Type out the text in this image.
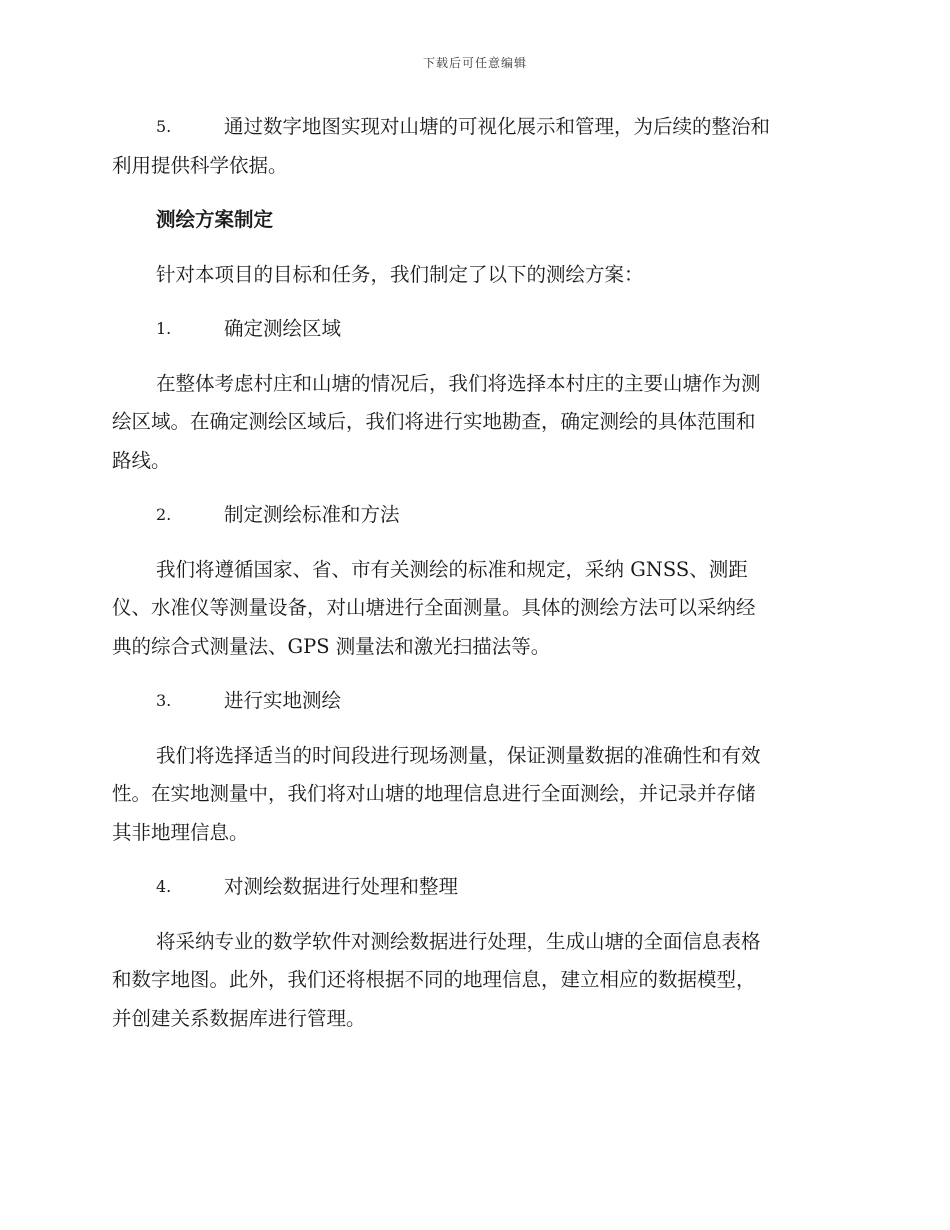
下载后可任意编辑
5.	通过数字地图实现对山塘的可视化展示和管理，为后续的整治和

利用提供科学依据。

测绘方案制定

针对本项目的目标和任务，我们制定了以下的测绘方案：

1.	确定测绘区域

在整体考虑村庄和山塘的情况后，我们将选择本村庄的主要山塘作为测

绘区域。在确定测绘区域后，我们将进行实地勘查，确定测绘的具体范围和

路线。

2.	制定测绘标准和方法

我们将遵循国家、省、市有关测绘的标准和规定，采纳 GNSS、测距

仪、水准仪等测量设备，对山塘进行全面测量。具体的测绘方法可以采纳经

典的综合式测量法、GPS 测量法和激光扫描法等。

3.	进行实地测绘

我们将选择适当的时间段进行现场测量，保证测量数据的准确性和有效

性。在实地测量中，我们将对山塘的地理信息进行全面测绘，并记录并存储

其非地理信息。

4.	对测绘数据进行处理和整理

将采纳专业的数学软件对测绘数据进行处理，生成山塘的全面信息表格

和数字地图。此外，我们还将根据不同的地理信息，建立相应的数据模型，

并创建关系数据库进行管理。
